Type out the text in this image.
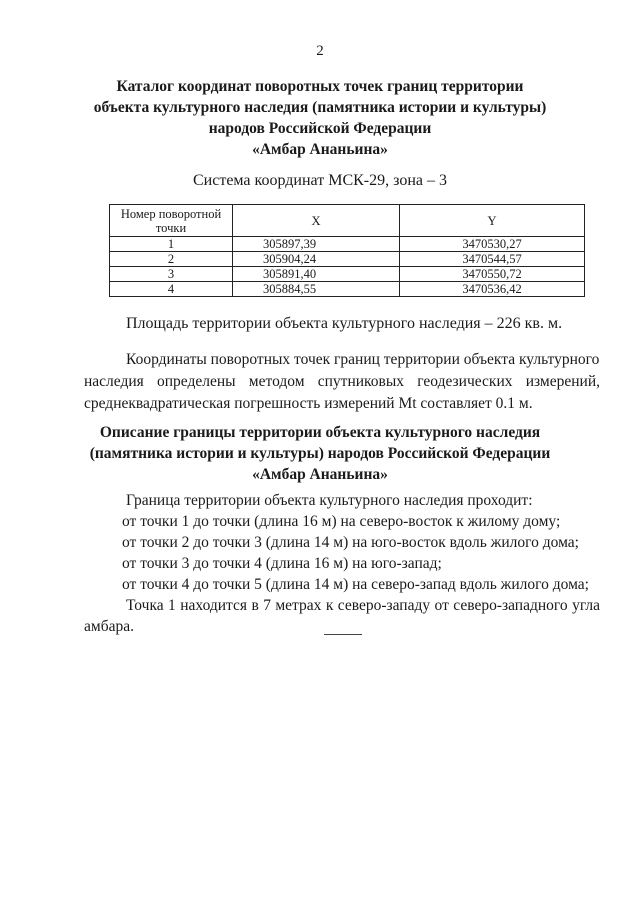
2
Каталог координат поворотных точек границ территории
объекта культурного наследия (памятника истории и культуры)
народов Российской Федерации
«Амбар Ананьина»
Система координат МСК-29, зона – 3
Номер поворотной точки	X	Y
1	305897,39	3470530,27
2	305904,24	3470544,57
3	305891,40	3470550,72
4	305884,55	3470536,42
Площадь территории объекта культурного наследия – 226 кв. м.
Координаты поворотных точек границ территории объекта культурного
наследия определены методом спутниковых геодезических измерений,
среднеквадратическая погрешность измерений Mt составляет 0.1 м.
Описание границы территории объекта культурного наследия
(памятника истории и культуры) народов Российской Федерации
«Амбар Ананьина»
Граница территории объекта культурного наследия проходит:
от точки 1 до точки (длина 16 м) на северо-восток к жилому дому;
от точки 2 до точки 3 (длина 14 м) на юго-восток вдоль жилого дома;
от точки 3 до точки 4 (длина 16 м) на юго-запад;
от точки 4 до точки 5 (длина 14 м) на северо-запад вдоль жилого дома;
Точка 1 находится в 7 метрах к северо-западу от северо-западного угла
амбара.
